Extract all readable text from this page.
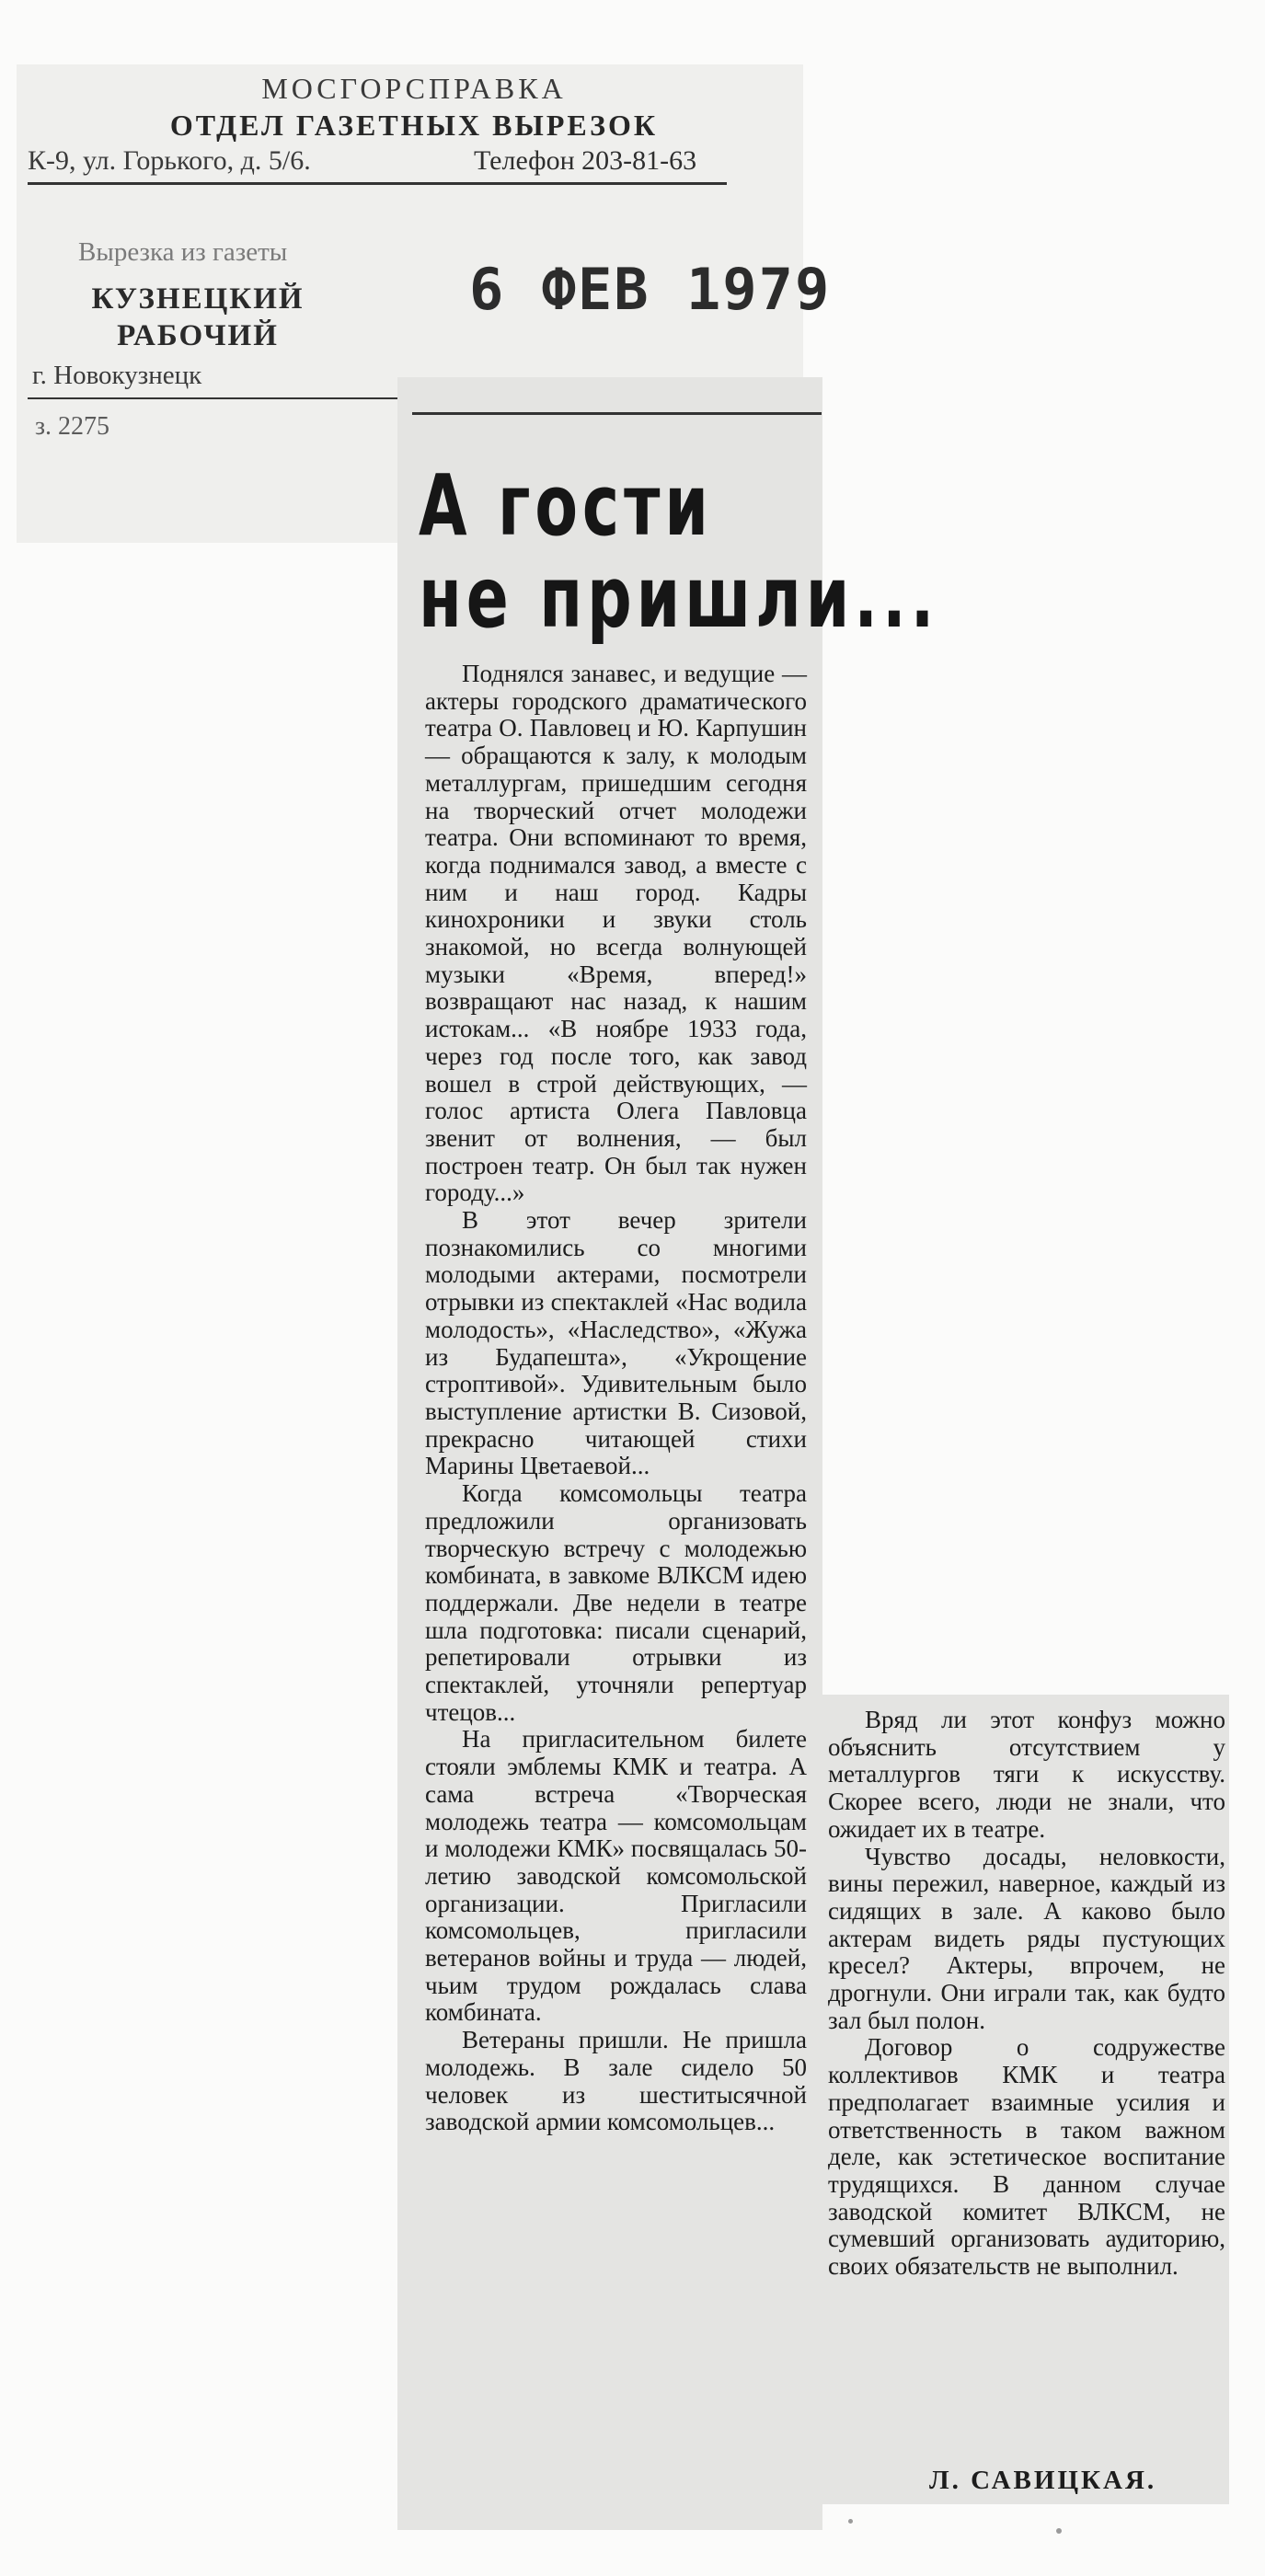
МОСГОРСПРАВКА
ОТДЕЛ ГАЗЕТНЫХ ВЫРЕЗОК
К-9, ул. Горького, д. 5/6.	Телефон 203-81-63
Вырезка из газеты
КУЗНЕЦКИЙ
РАБОЧИЙ
6 ФЕВ 1979
г. Новокузнецк
з. 2275
А гости
не пришли...

Поднялся занавес, и ведущие — актеры городского драматического театра О. Павловец и Ю. Карпушин — обращаются к залу, к молодым металлургам, пришедшим сегодня на творческий отчет молодежи театра. Они вспоминают то время, когда поднимался завод, а вместе с ним и наш город. Кадры кинохроники и звуки столь знакомой, но всегда волнующей музыки «Время, вперед!» возвращают нас назад, к нашим истокам... «В ноябре 1933 года, через год после того, как завод вошел в строй действующих, — голос артиста Олега Павловца звенит от волнения, — был построен театр. Он был так нужен городу...»

В этот вечер зрители познакомились со многими молодыми актерами, посмотрели отрывки из спектаклей «Нас водила молодость», «Наследство», «Жужа из Будапешта», «Укрощение строптивой». Удивительным было выступление артистки В. Сизовой, прекрасно читающей стихи Марины Цветаевой...

Когда комсомольцы театра предложили организовать творческую встречу с молодежью комбината, в завкоме ВЛКСМ идею поддержали. Две недели в театре шла подготовка: писали сценарий, репетировали отрывки из спектаклей, уточняли репертуар чтецов...

На пригласительном билете стояли эмблемы КМК и театра. А сама встреча «Творческая молодежь театра — комсомольцам и молодежи КМК» посвящалась 50-летию заводской комсомольской организации. Пригласили комсомольцев, пригласили ветеранов войны и труда — людей, чьим трудом рождалась слава комбината.

Ветераны пришли. Не пришла молодежь. В зале сидело 50 человек из шеститысячной заводской армии комсомольцев...

Вряд ли этот конфуз можно объяснить отсутствием у металлургов тяги к искусству. Скорее всего, люди не знали, что ожидает их в театре.

Чувство досады, неловкости, вины пережил, наверное, каждый из сидящих в зале. А каково было актерам видеть ряды пустующих кресел? Актеры, впрочем, не дрогнули. Они играли так, как будто зал был полон.

Договор о содружестве коллективов КМК и театра предполагает взаимные усилия и ответственность в таком важном деле, как эстетическое воспитание трудящихся. В данном случае заводской комитет ВЛКСМ, не сумевший организовать аудиторию, своих обязательств не выполнил.

Л. САВИЦКАЯ.
